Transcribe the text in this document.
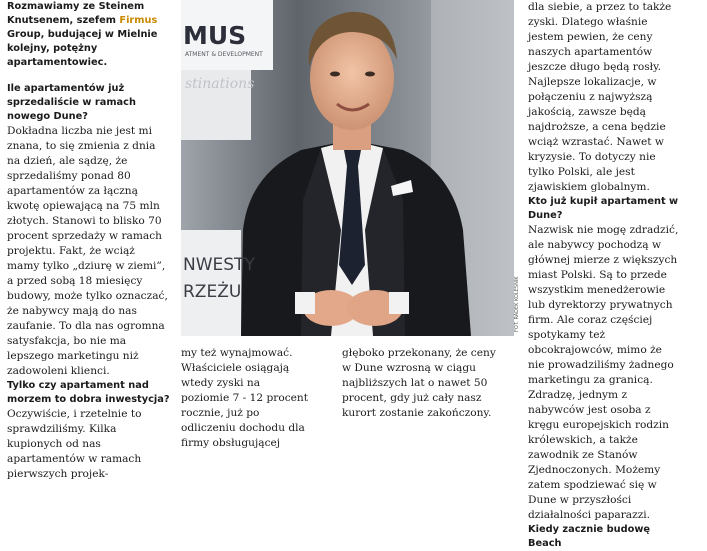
Rozmawiamy ze Steinem Knutsenem, szefem Firmus Group, budującej w Mielnie kolejny, potężny apartamentowiec.

Ile apartamentów już sprzedaliście w ramach nowego Dune?

Dokładna liczba nie jest mi znana, to się zmienia z dnia na dzień, ale sądzę, że sprzedaliśmy ponad 80 apartamentów za łączną kwotę opiewającą na 75 mln złotych. Stanowi to blisko 70 procent sprzedaży w ramach projektu. Fakt, że wciąż mamy tylko „dziurę w ziemi”, a przed sobą 18 miesięcy budowy, może tylko oznaczać, że nabywcy mają do nas zaufanie. To dla nas ogromna satysfakcja, bo nie ma lepszego marketingu niż zadowoleni klienci.

Tylko czy apartament nad morzem to dobra inwestycja?

Oczywiście, i rzetelnie to sprawdziliśmy. Kilka kupionych od nas apartamentów w ramach pierwszych projek-

MUS
ATMENT & DEVELOPMENT
stinations
NWESTY
RZEŻU	FOT. RADEK KOLESNIK

my też wynajmować. Właściciele osiągają wtedy zyski na poziomie 7 - 12 procent rocznie, już po odliczeniu dochodu dla firmy obsługującej

głęboko przekonany, że ceny w Dune wzrosną w ciągu najbliższych lat o nawet 50 procent, gdy już cały nasz kurort zostanie zakończony.

dla siebie, a przez to także zyski. Dlatego właśnie jestem pewien, że ceny naszych apartamentów jeszcze długo będą rosły. Najlepsze lokalizacje, w połączeniu z najwyższą jakością, zawsze będą najdroższe, a cena będzie wciąż wzrastać. Nawet w kryzysie. To dotyczy nie tylko Polski, ale jest zjawiskiem globalnym.

Kto już kupił apartament w Dune?

Nazwisk nie mogę zdradzić, ale nabywcy pochodzą w głównej mierze z większych miast Polski. Są to przede wszystkim menedżerowie lub dyrektorzy prywatnych firm. Ale coraz częściej spotykamy też obcokrajowców, mimo że nie prowadziliśmy żadnego marketingu za granicą. Zdradzę, jednym z nabywców jest osoba z kręgu europejskich rodzin królewskich, a także zawodnik ze Stanów Zjednoczonych. Możemy zatem spodziewać się w Dune w przyszłości działalności paparazzi.

Kiedy zacznie budowę Beach
